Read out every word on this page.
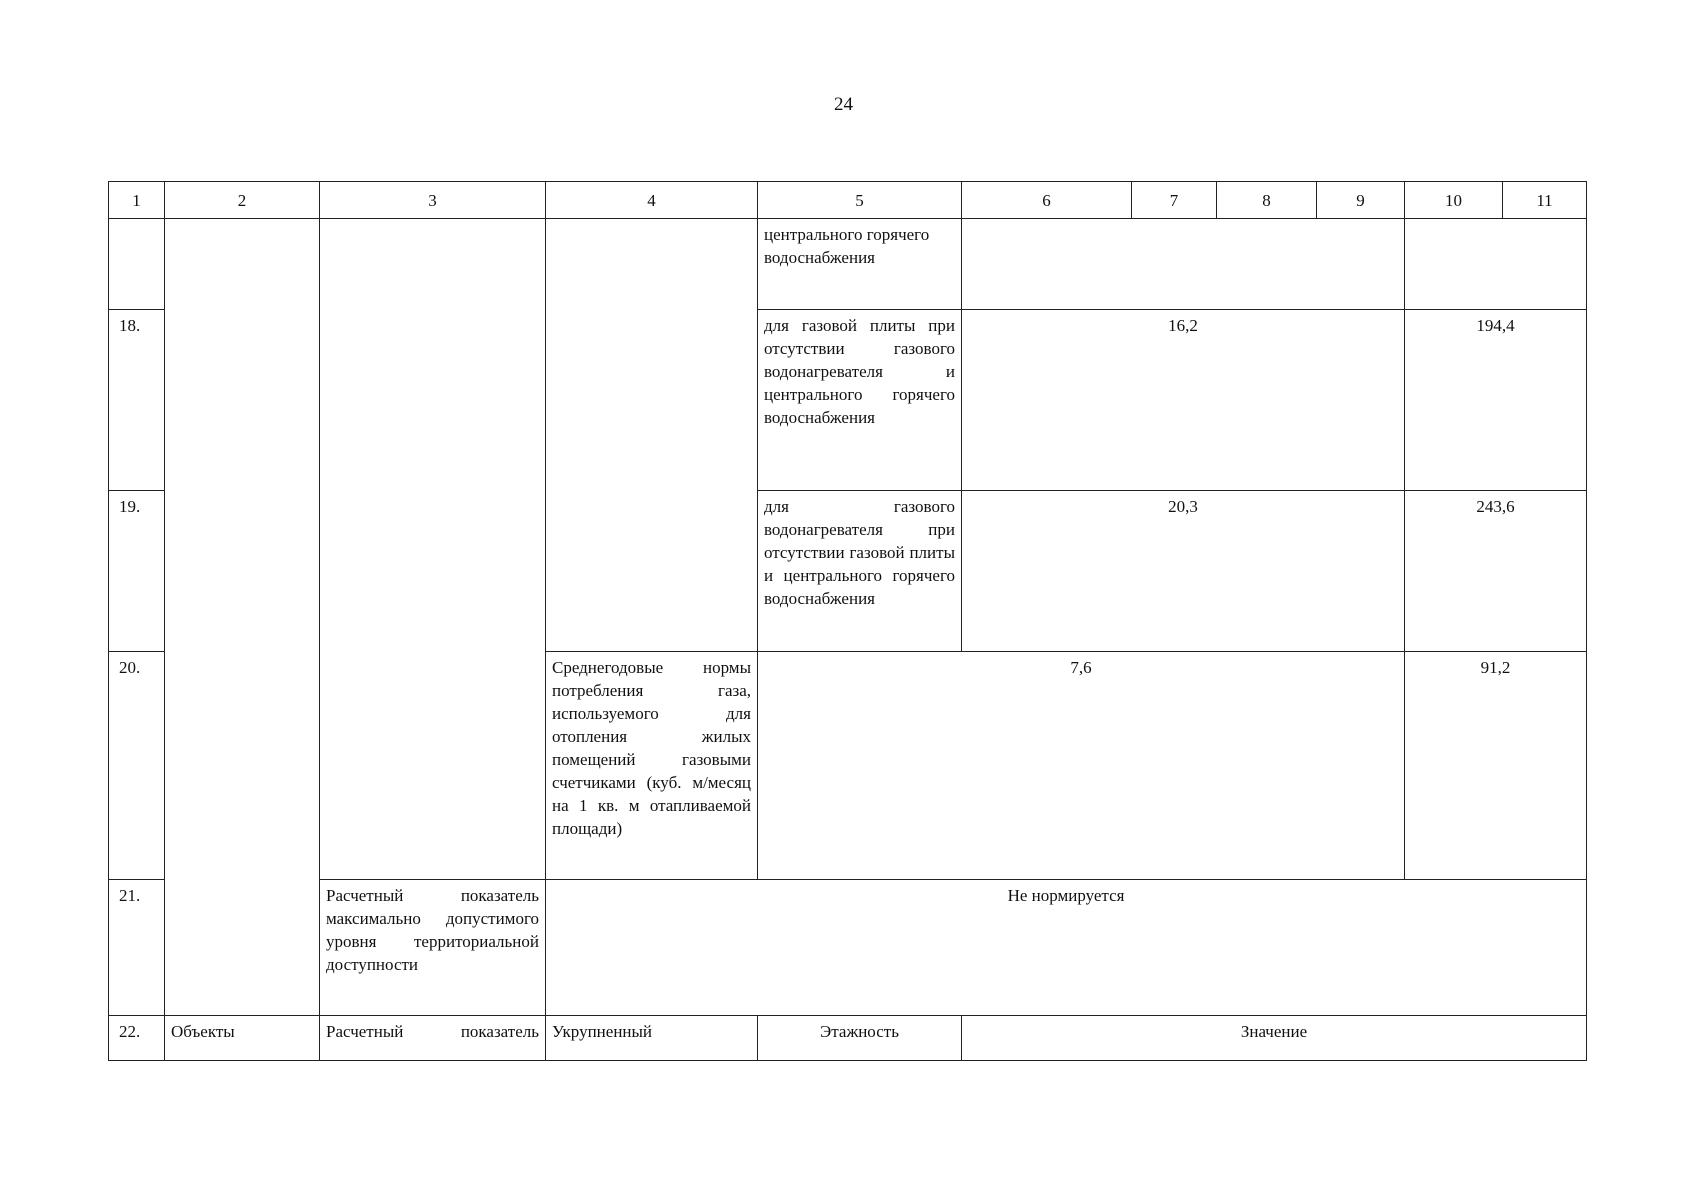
24
1	2	3	4	5	6	7	8	9	10	11
				центрального горячего водоснабжения						
18.				для газовой плиты при отсутствии газового водонагревателя и центрального горячего водоснабжения	16,2				194,4	
19.				для газового водонагревателя при отсутствии газовой плиты и центрального горячего водоснабжения	20,3				243,6	
20.			Среднегодовые нормы потребления газа, используемого для отопления жилых помещений газовыми счетчиками (куб. м/месяц на 1 кв. м отапливаемой площади)	7,6					91,2	
21.		Расчетный показатель максимально допустимого уровня территориальной доступности	Не нормируется							
22.	Объекты	Расчетный показатель	Укрупненный	Этажность	Значение					
